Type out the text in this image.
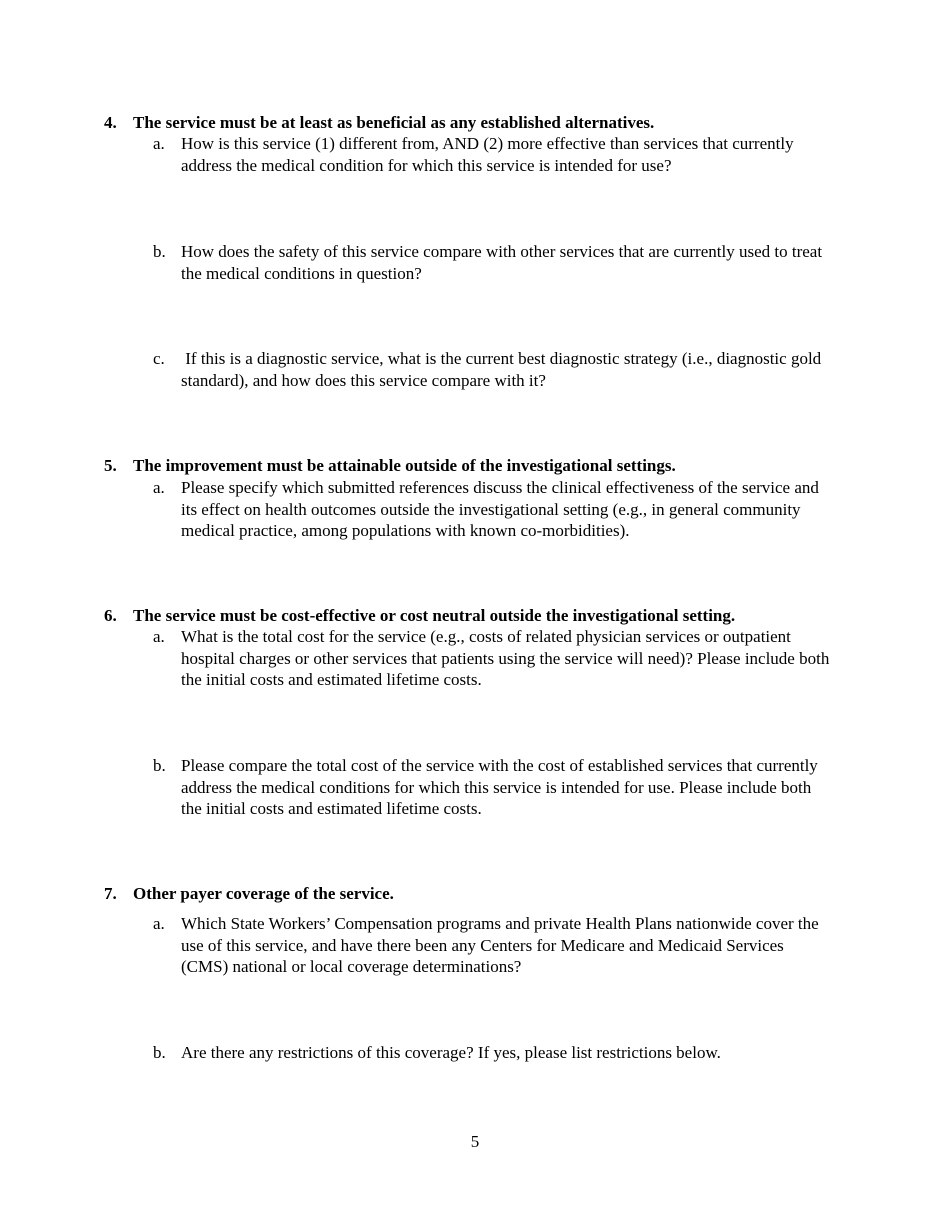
4. The service must be at least as beneficial as any established alternatives.
a. How is this service (1) different from, AND (2) more effective than services that currently address the medical condition for which this service is intended for use?
b. How does the safety of this service compare with other services that are currently used to treat the medical conditions in question?
c. If this is a diagnostic service, what is the current best diagnostic strategy (i.e., diagnostic gold standard), and how does this service compare with it?
5. The improvement must be attainable outside of the investigational settings.
a. Please specify which submitted references discuss the clinical effectiveness of the service and its effect on health outcomes outside the investigational setting (e.g., in general community medical practice, among populations with known co-morbidities).
6. The service must be cost-effective or cost neutral outside the investigational setting.
a. What is the total cost for the service (e.g., costs of related physician services or outpatient hospital charges or other services that patients using the service will need)? Please include both the initial costs and estimated lifetime costs.
b. Please compare the total cost of the service with the cost of established services that currently address the medical conditions for which this service is intended for use. Please include both the initial costs and estimated lifetime costs.
7. Other payer coverage of the service.
a. Which State Workers’ Compensation programs and private Health Plans nationwide cover the use of this service, and have there been any Centers for Medicare and Medicaid Services (CMS) national or local coverage determinations?
b. Are there any restrictions of this coverage? If yes, please list restrictions below.
5
